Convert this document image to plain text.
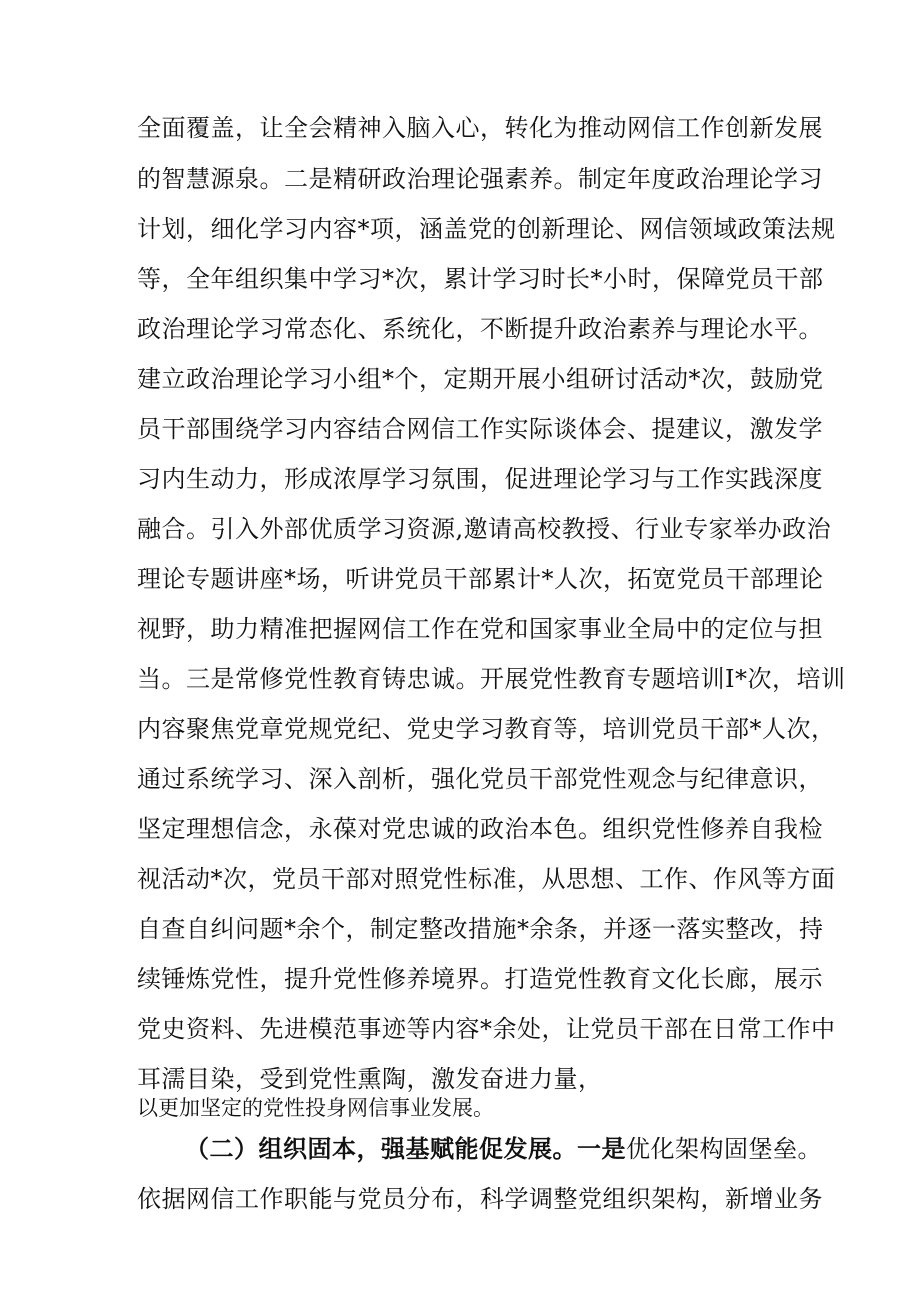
全面覆盖，让全会精神入脑入心，转化为推动网信工作创新发展
的智慧源泉。二是精研政治理论强素养。制定年度政治理论学习
计划，细化学习内容*项，涵盖党的创新理论、网信领域政策法规
等，全年组织集中学习*次，累计学习时长*小时，保障党员干部
政治理论学习常态化、系统化，不断提升政治素养与理论水平。
建立政治理论学习小组*个，定期开展小组研讨活动*次，鼓励党
员干部围绕学习内容结合网信工作实际谈体会、提建议，激发学
习内生动力，形成浓厚学习氛围，促进理论学习与工作实践深度
融合。引入外部优质学习资源,邀请高校教授、行业专家举办政治
理论专题讲座*场，听讲党员干部累计*人次，拓宽党员干部理论
视野，助力精准把握网信工作在党和国家事业全局中的定位与担
当。三是常修党性教育铸忠诚。开展党性教育专题培训I*次，培训
内容聚焦党章党规党纪、党史学习教育等，培训党员干部*人次，
通过系统学习、深入剖析，强化党员干部党性观念与纪律意识，
坚定理想信念，永葆对党忠诚的政治本色。组织党性修养自我检
视活动*次，党员干部对照党性标准，从思想、工作、作风等方面
自查自纠问题*余个，制定整改措施*余条，并逐一落实整改，持
续锤炼党性，提升党性修养境界。打造党性教育文化长廊，展示
党史资料、先进模范事迹等内容*余处，让党员干部在日常工作中
耳濡目染，受到党性熏陶，激发奋进力量，
以更加坚定的党性投身网信事业发展。
（二）组织固本，强基赋能促发展。一是优化架构固堡垒。
依据网信工作职能与党员分布，科学调整党组织架构，新增业务
